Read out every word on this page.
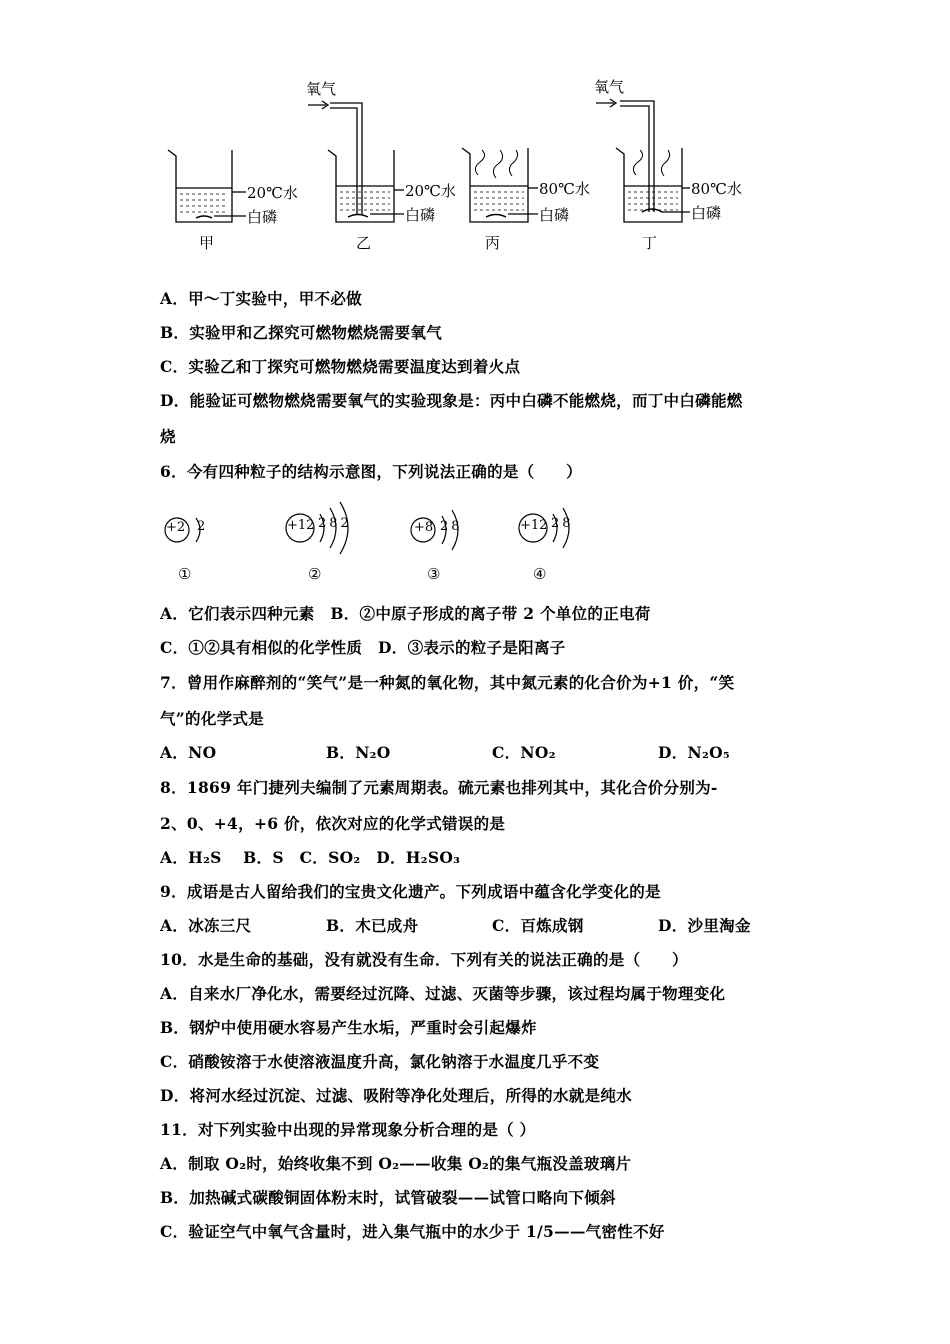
氧气	氧气
20℃水	20℃水	80℃水	80℃水
白磷	白磷	白磷	白磷
甲	乙	丙	丁
A．甲～丁实验中，甲不必做
B．实验甲和乙探究可燃物燃烧需要氧气
C．实验乙和丁探究可燃物燃烧需要温度达到着火点
D．能验证可燃物燃烧需要氧气的实验现象是：丙中白磷不能燃烧，而丁中白磷能燃
烧
6．今有四种粒子的结构示意图，下列说法正确的是（　　）
+2 2	+12 282	+8 28	+12 28
①	②	③	④
A．它们表示四种元素　B．②中原子形成的离子带 2 个单位的正电荷
C．①②具有相似的化学性质　D．③表示的粒子是阳离子
7．曾用作麻醉剂的“笑气”是一种氮的氧化物，其中氮元素的化合价为+1 价，“笑
气”的化学式是
A．NO	B．N₂O	C．NO₂	D．N₂O₅
8．1869 年门捷列夫编制了元素周期表。硫元素也排列其中，其化合价分别为-
2、0、+4，+6 价，依次对应的化学式错误的是
A．H₂S　 B．S　C．SO₂　D．H₂SO₃
9．成语是古人留给我们的宝贵文化遗产。下列成语中蕴含化学变化的是
A．冰冻三尺	B．木已成舟	C．百炼成钢	D．沙里淘金
10．水是生命的基础，没有就没有生命．下列有关的说法正确的是（　　）
A．自来水厂净化水，需要经过沉降、过滤、灭菌等步骤，该过程均属于物理变化
B．钢炉中使用硬水容易产生水垢，严重时会引起爆炸
C．硝酸铵溶于水使溶液温度升高，氯化钠溶于水温度几乎不变
D．将河水经过沉淀、过滤、吸附等净化处理后，所得的水就是纯水
11．对下列实验中出现的异常现象分析合理的是（ ）
A．制取 O₂时，始终收集不到 O₂——收集 O₂的集气瓶没盖玻璃片
B．加热碱式碳酸铜固体粉末时，试管破裂——试管口略向下倾斜
C．验证空气中氧气含量时，进入集气瓶中的水少于 1/5——气密性不好
